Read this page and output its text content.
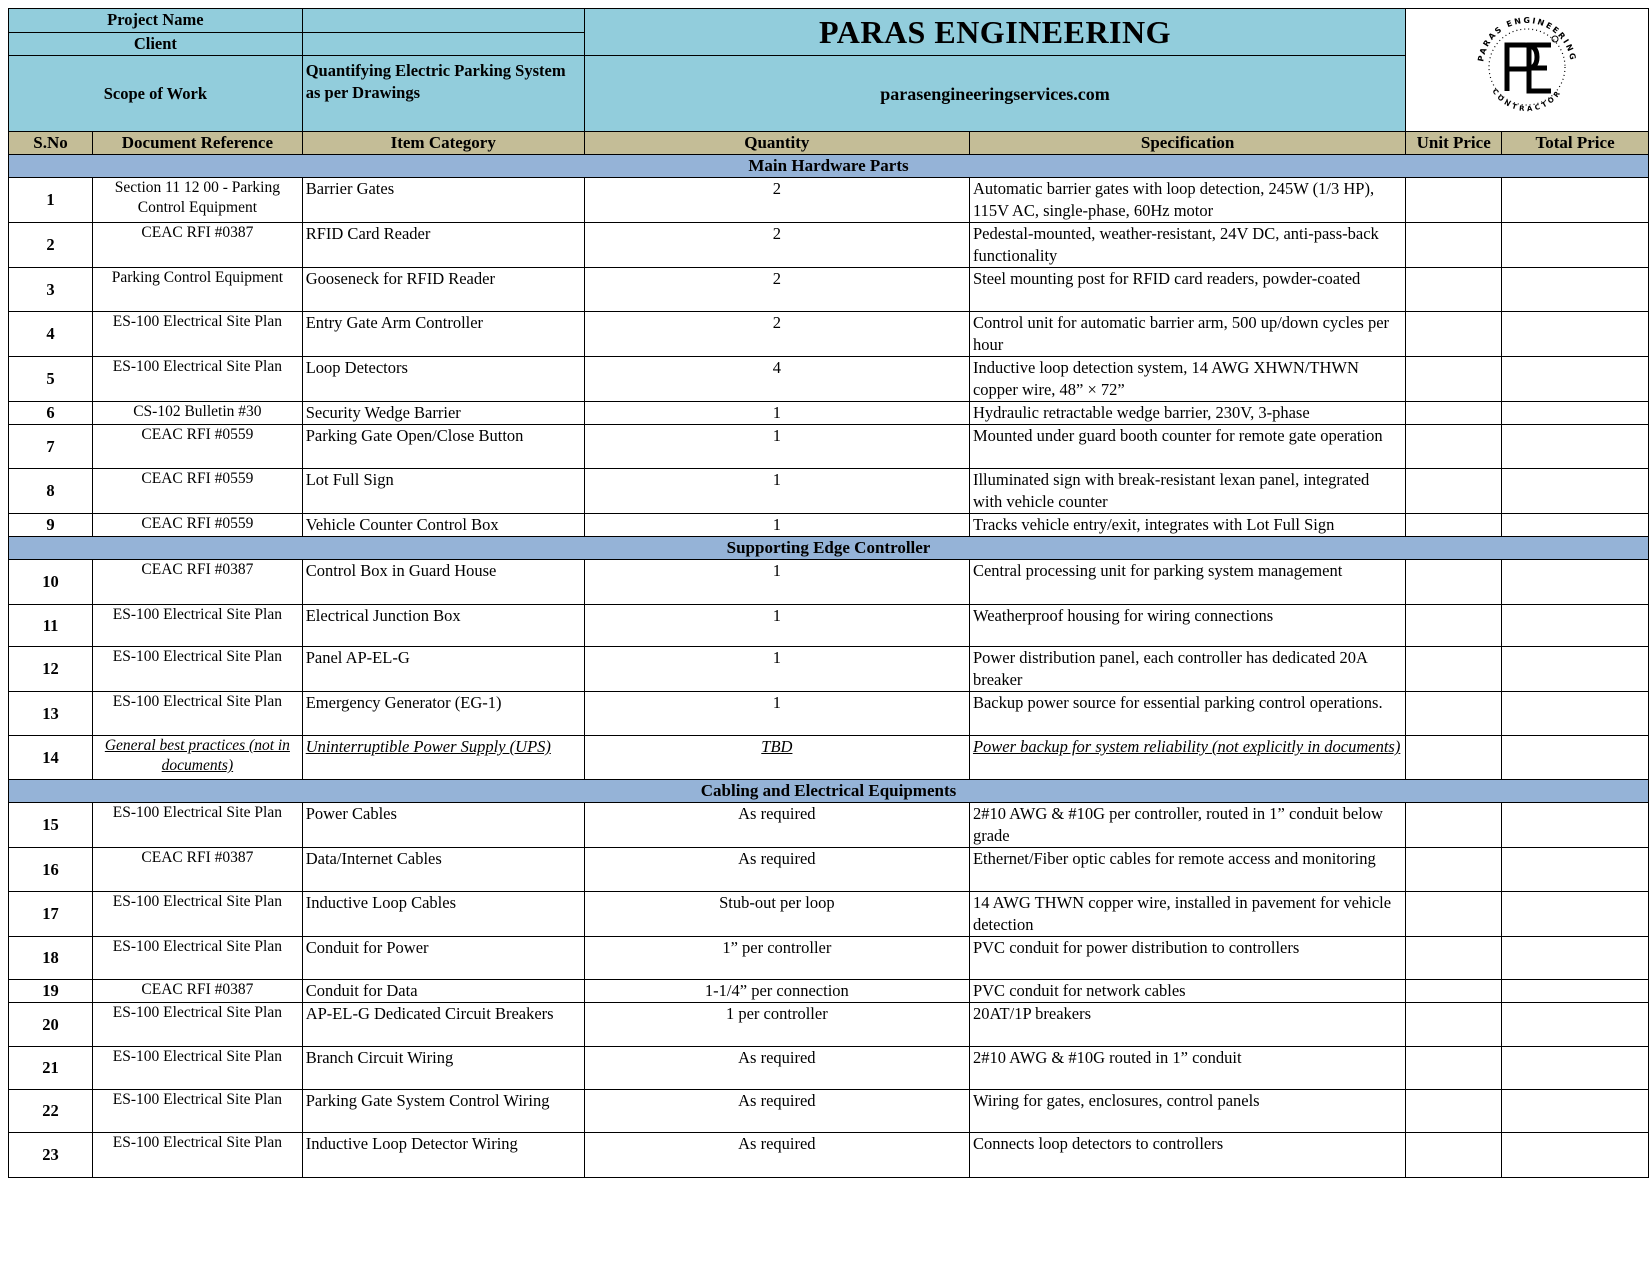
Project Name			PARAS ENGINEERING		PARAS ENGINEERING
CONTRACTOR	

Client						
Scope of Work		Quantifying Electric Parking System as per Drawings	parasengineeringservices.com			
S.No	Document Reference	Item Category	Quantity	Specification	Unit Price	Total Price
Main Hardware Parts						
1	Section 11 12 00 - Parking Control Equipment	Barrier Gates	2	Automatic barrier gates with loop detection, 245W (1/3 HP), 115V AC, single-phase, 60Hz motor		
2	CEAC RFI #0387	RFID Card Reader	2	Pedestal-mounted, weather-resistant, 24V DC, anti-pass-back functionality		
3	Parking Control Equipment	Gooseneck for RFID Reader	2	Steel mounting post for RFID card readers, powder-coated		
4	ES-100 Electrical Site Plan	Entry Gate Arm Controller	2	Control unit for automatic barrier arm, 500 up/down cycles per hour		
5	ES-100 Electrical Site Plan	Loop Detectors	4	Inductive loop detection system, 14 AWG XHWN/THWN copper wire, 48” × 72”		
6	CS-102 Bulletin #30	Security Wedge Barrier	1	Hydraulic retractable wedge barrier, 230V, 3-phase		
7	CEAC RFI #0559	Parking Gate Open/Close Button	1	Mounted under guard booth counter for remote gate operation		
8	CEAC RFI #0559	Lot Full Sign	1	Illuminated sign with break-resistant lexan panel, integrated with vehicle counter		
9	CEAC RFI #0559	Vehicle Counter Control Box	1	Tracks vehicle entry/exit, integrates with Lot Full Sign		
Supporting Edge Controller						
10	CEAC RFI #0387	Control Box in Guard House	1	Central processing unit for parking system management		
11	ES-100 Electrical Site Plan	Electrical Junction Box	1	Weatherproof housing for wiring connections		
12	ES-100 Electrical Site Plan	Panel AP-EL-G	1	Power distribution panel, each controller has dedicated 20A breaker		
13	ES-100 Electrical Site Plan	Emergency Generator (EG-1)	1	Backup power source for essential parking control operations.		
14	General best practices (not in documents)	Uninterruptible Power Supply (UPS)	TBD	Power backup for system reliability (not explicitly in documents)		
Cabling and Electrical Equipments						
15	ES-100 Electrical Site Plan	Power Cables	As required	2#10 AWG & #10G per controller, routed in 1” conduit below grade		
16	CEAC RFI #0387	Data/Internet Cables	As required	Ethernet/Fiber optic cables for remote access and monitoring		
17	ES-100 Electrical Site Plan	Inductive Loop Cables	Stub-out per loop	14 AWG THWN copper wire, installed in pavement for vehicle detection		
18	ES-100 Electrical Site Plan	Conduit for Power	1” per controller	PVC conduit for power distribution to controllers		
19	CEAC RFI #0387	Conduit for Data	1-1/4” per connection	PVC conduit for network cables		
20	ES-100 Electrical Site Plan	AP-EL-G Dedicated Circuit Breakers	1 per controller	20AT/1P breakers		
21	ES-100 Electrical Site Plan	Branch Circuit Wiring	As required	2#10 AWG & #10G routed in 1” conduit		
22	ES-100 Electrical Site Plan	Parking Gate System Control Wiring	As required	Wiring for gates, enclosures, control panels		
23	ES-100 Electrical Site Plan	Inductive Loop Detector Wiring	As required	Connects loop detectors to controllers		
